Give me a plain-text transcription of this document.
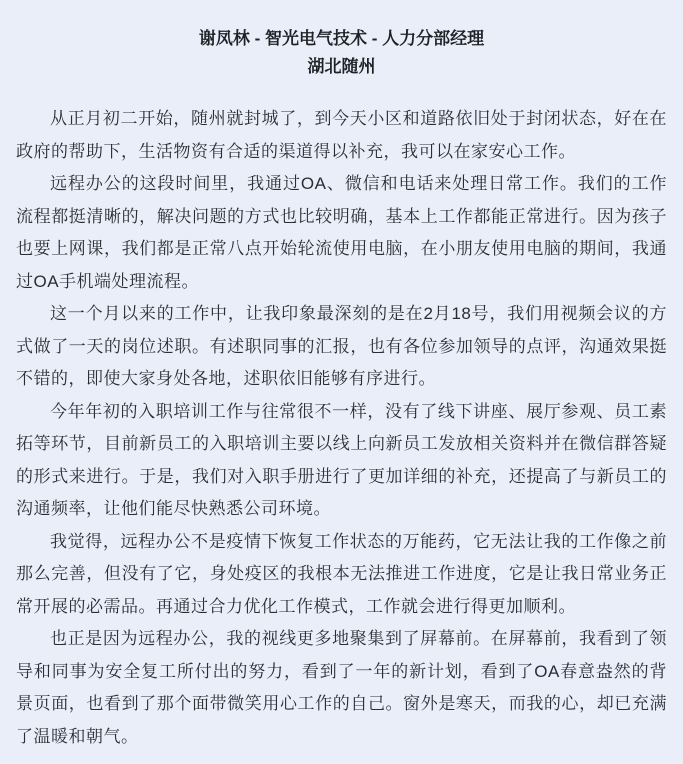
谢凤林 - 智光电气技术 - 人力分部经理
湖北随州

从正月初二开始，随州就封城了，到今天小区和道路依旧处于封闭状态，好在在政府的帮助下，生活物资有合适的渠道得以补充，我可以在家安心工作。

远程办公的这段时间里，我通过OA、微信和电话来处理日常工作。我们的工作流程都挺清晰的，解决问题的方式也比较明确，基本上工作都能正常进行。因为孩子也要上网课，我们都是正常八点开始轮流使用电脑，在小朋友使用电脑的期间，我通过OA手机端处理流程。

这一个月以来的工作中，让我印象最深刻的是在2月18号，我们用视频会议的方式做了一天的岗位述职。有述职同事的汇报，也有各位参加领导的点评，沟通效果挺不错的，即使大家身处各地，述职依旧能够有序进行。

今年年初的入职培训工作与往常很不一样，没有了线下讲座、展厅参观、员工素拓等环节，目前新员工的入职培训主要以线上向新员工发放相关资料并在微信群答疑的形式来进行。于是，我们对入职手册进行了更加详细的补充，还提高了与新员工的沟通频率，让他们能尽快熟悉公司环境。

我觉得，远程办公不是疫情下恢复工作状态的万能药，它无法让我的工作像之前那么完善，但没有了它，身处疫区的我根本无法推进工作进度，它是让我日常业务正常开展的必需品。再通过合力优化工作模式，工作就会进行得更加顺利。

也正是因为远程办公，我的视线更多地聚集到了屏幕前。在屏幕前，我看到了领导和同事为安全复工所付出的努力，看到了一年的新计划，看到了OA春意盎然的背景页面，也看到了那个面带微笑用心工作的自己。窗外是寒天，而我的心，却已充满了温暖和朝气。
